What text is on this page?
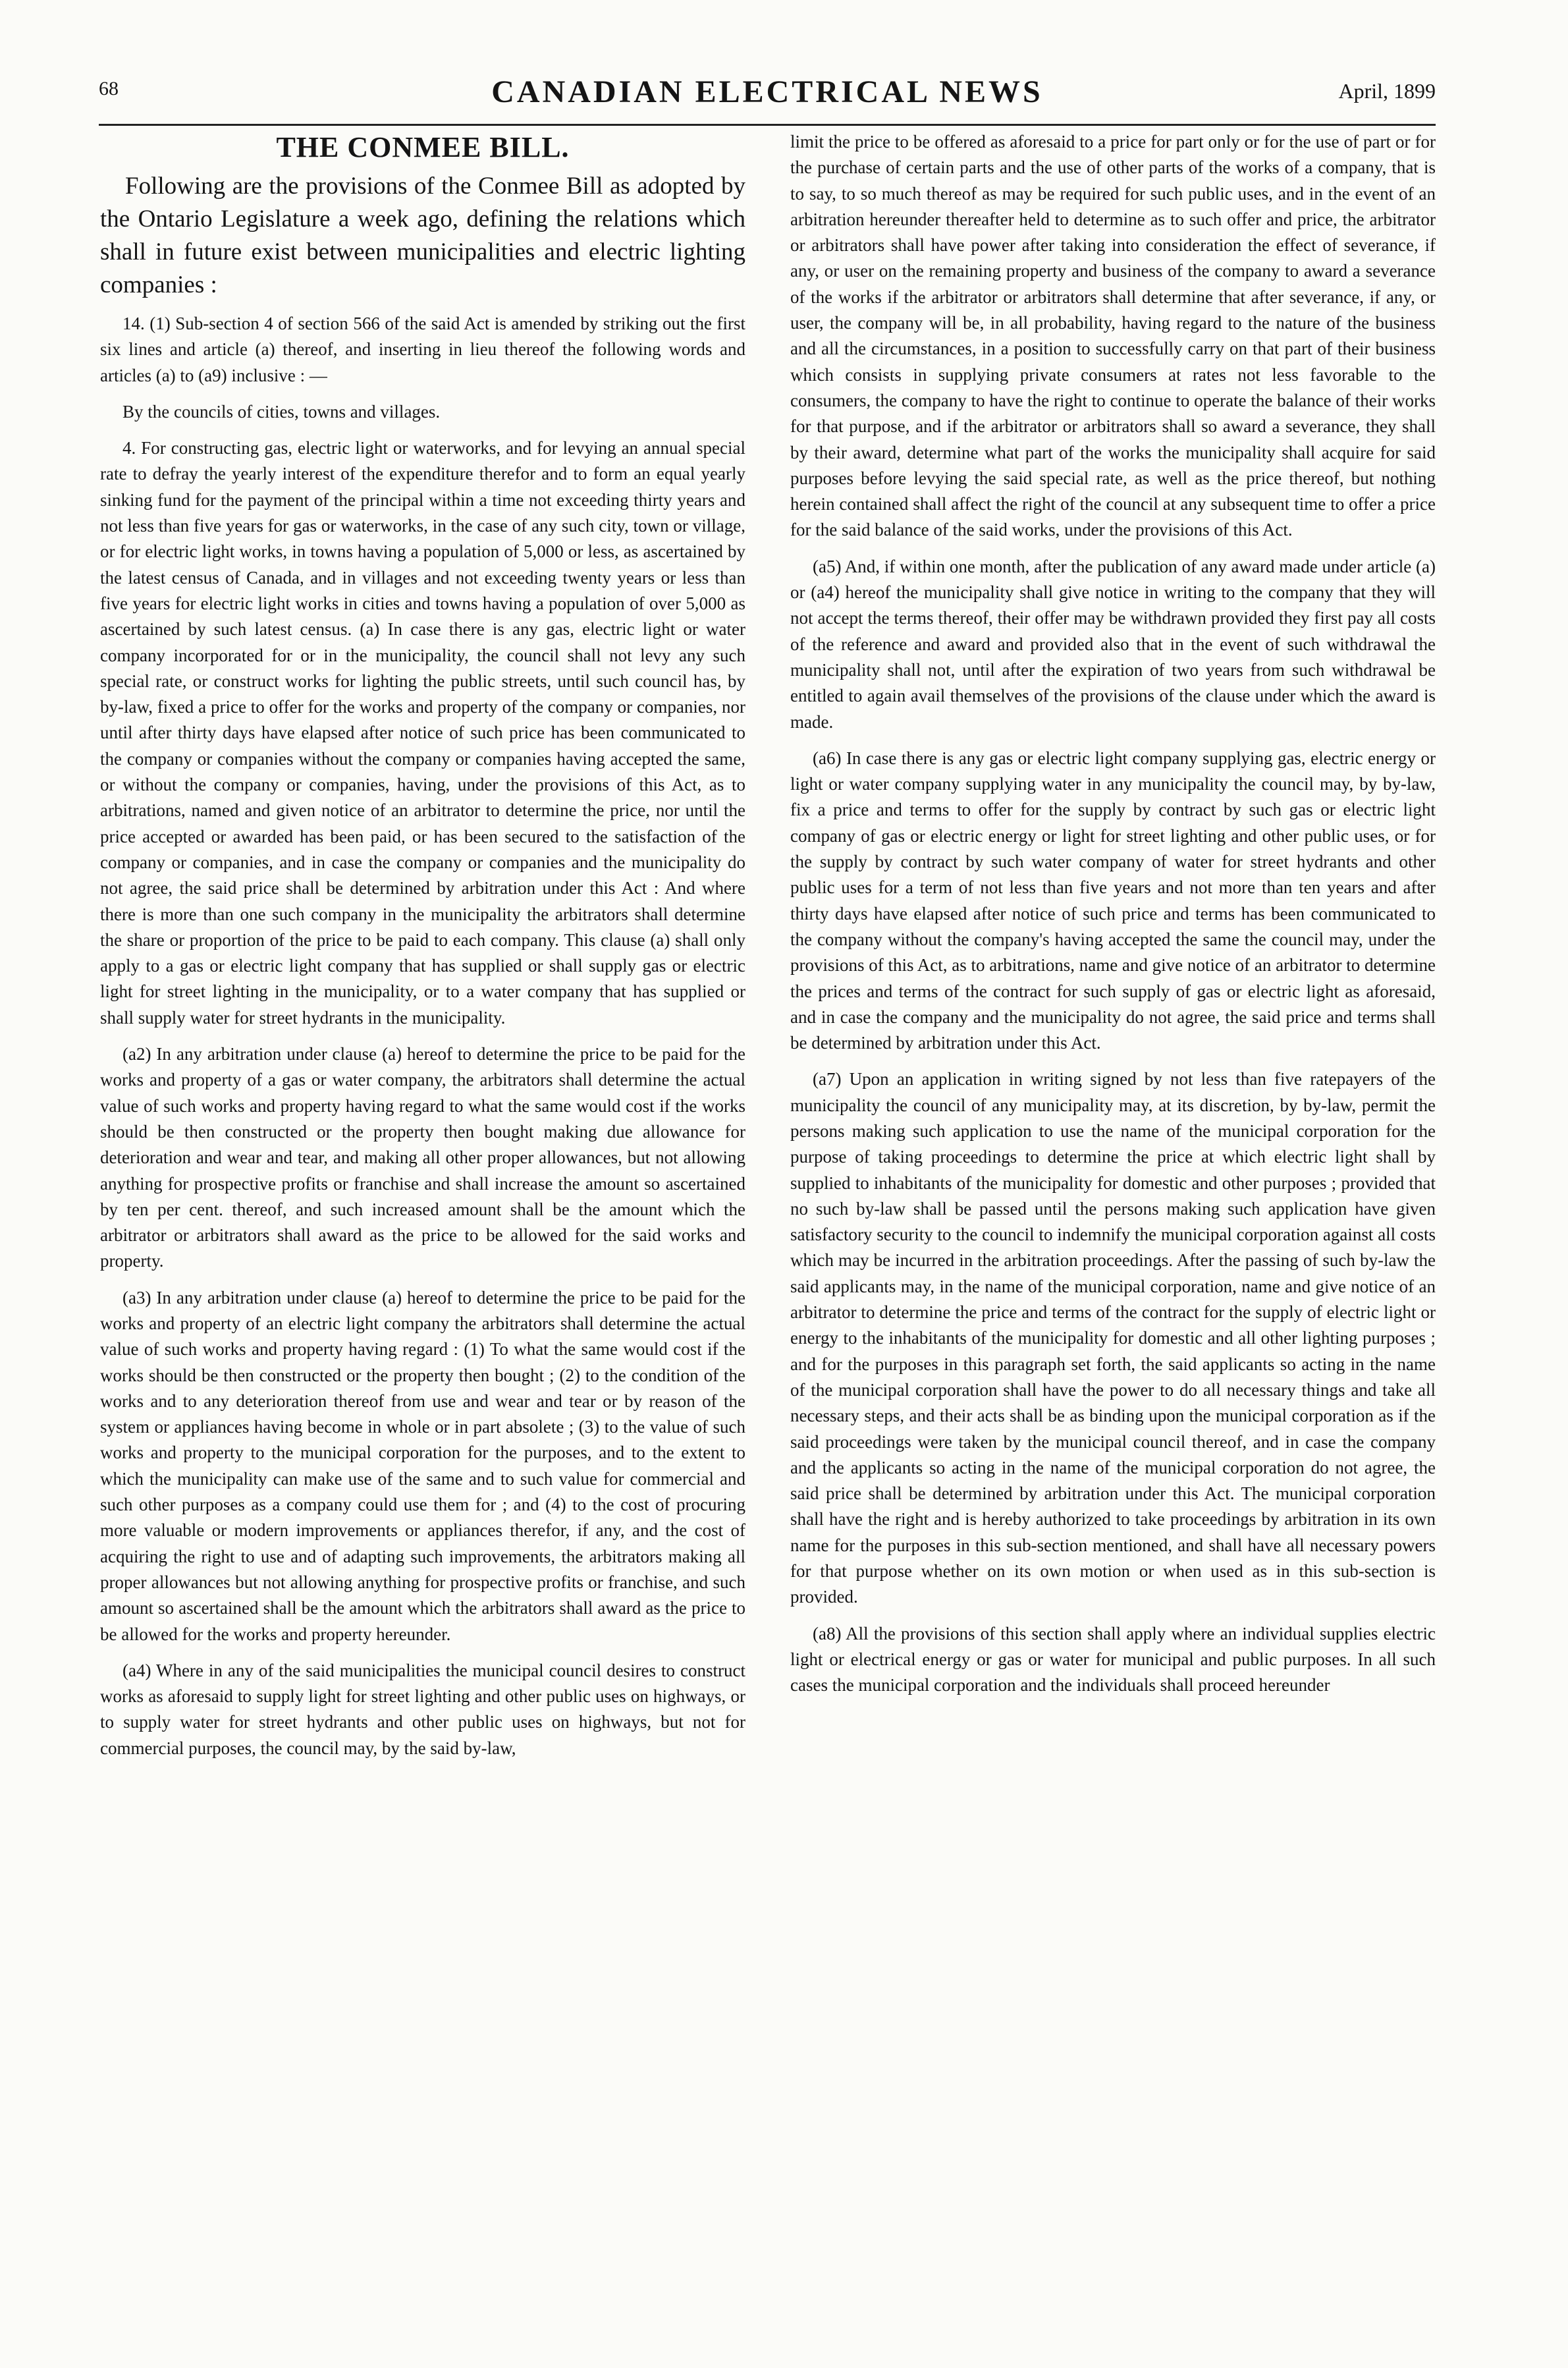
68	CANADIAN ELECTRICAL NEWS	April, 1899
THE CONMEE BILL.

Following are the provisions of the Conmee Bill as adopted by the Ontario Legislature a week ago, defining the relations which shall in future exist between municipalities and electric lighting companies :

14. (1) Sub-section 4 of section 566 of the said Act is amended by striking out the first six lines and article (a) thereof, and inserting in lieu thereof the following words and articles (a) to (a9) inclusive : —

By the councils of cities, towns and villages.

4. For constructing gas, electric light or waterworks, and for levying an annual special rate to defray the yearly interest of the expenditure therefor and to form an equal yearly sinking fund for the payment of the principal within a time not exceeding thirty years and not less than five years for gas or waterworks, in the case of any such city, town or village, or for electric light works, in towns having a population of 5,000 or less, as ascertained by the latest census of Canada, and in villages and not exceeding twenty years or less than five years for electric light works in cities and towns having a population of over 5,000 as ascertained by such latest census. (a) In case there is any gas, electric light or water company incorporated for or in the municipality, the council shall not levy any such special rate, or construct works for lighting the public streets, until such council has, by by-law, fixed a price to offer for the works and property of the company or companies, nor until after thirty days have elapsed after notice of such price has been communicated to the company or companies without the company or companies having accepted the same, or without the company or companies, having, under the provisions of this Act, as to arbitrations, named and given notice of an arbitrator to determine the price, nor until the price accepted or awarded has been paid, or has been secured to the satisfaction of the company or companies, and in case the company or companies and the municipality do not agree, the said price shall be determined by arbitration under this Act : And where there is more than one such company in the municipality the arbitrators shall determine the share or proportion of the price to be paid to each company. This clause (a) shall only apply to a gas or electric light company that has supplied or shall supply gas or electric light for street lighting in the municipality, or to a water company that has supplied or shall supply water for street hydrants in the municipality.

(a2) In any arbitration under clause (a) hereof to determine the price to be paid for the works and property of a gas or water company, the arbitrators shall determine the actual value of such works and property having regard to what the same would cost if the works should be then constructed or the property then bought making due allowance for deterioration and wear and tear, and making all other proper allowances, but not allowing anything for prospective profits or franchise and shall increase the amount so ascertained by ten per cent. thereof, and such increased amount shall be the amount which the arbitrator or arbitrators shall award as the price to be allowed for the said works and property.

(a3) In any arbitration under clause (a) hereof to determine the price to be paid for the works and property of an electric light company the arbitrators shall determine the actual value of such works and property having regard : (1) To what the same would cost if the works should be then constructed or the property then bought ; (2) to the condition of the works and to any deterioration thereof from use and wear and tear or by reason of the system or appliances having become in whole or in part absolete ; (3) to the value of such works and property to the municipal corporation for the purposes, and to the extent to which the municipality can make use of the same and to such value for commercial and such other purposes as a company could use them for ; and (4) to the cost of procuring more valuable or modern improvements or appliances therefor, if any, and the cost of acquiring the right to use and of adapting such improvements, the arbitrators making all proper allowances but not allowing anything for prospective profits or franchise, and such amount so ascertained shall be the amount which the arbitrators shall award as the price to be allowed for the works and property hereunder.

(a4) Where in any of the said municipalities the municipal council desires to construct works as aforesaid to supply light for street lighting and other public uses on highways, or to supply water for street hydrants and other public uses on highways, but not for commercial purposes, the council may, by the said by-law,

limit the price to be offered as aforesaid to a price for part only or for the use of part or for the purchase of certain parts and the use of other parts of the works of a company, that is to say, to so much thereof as may be required for such public uses, and in the event of an arbitration hereunder thereafter held to determine as to such offer and price, the arbitrator or arbitrators shall have power after taking into consideration the effect of severance, if any, or user on the remaining property and business of the company to award a severance of the works if the arbitrator or arbitrators shall determine that after severance, if any, or user, the company will be, in all probability, having regard to the nature of the business and all the circumstances, in a position to successfully carry on that part of their business which consists in supplying private consumers at rates not less favorable to the consumers, the company to have the right to continue to operate the balance of their works for that purpose, and if the arbitrator or arbitrators shall so award a severance, they shall by their award, determine what part of the works the municipality shall acquire for said purposes before levying the said special rate, as well as the price thereof, but nothing herein contained shall affect the right of the council at any subsequent time to offer a price for the said balance of the said works, under the provisions of this Act.

(a5) And, if within one month, after the publication of any award made under article (a) or (a4) hereof the municipality shall give notice in writing to the company that they will not accept the terms thereof, their offer may be withdrawn provided they first pay all costs of the reference and award and provided also that in the event of such withdrawal the municipality shall not, until after the expiration of two years from such withdrawal be entitled to again avail themselves of the provisions of the clause under which the award is made.

(a6) In case there is any gas or electric light company supplying gas, electric energy or light or water company supplying water in any municipality the council may, by by-law, fix a price and terms to offer for the supply by contract by such gas or electric light company of gas or electric energy or light for street lighting and other public uses, or for the supply by contract by such water company of water for street hydrants and other public uses for a term of not less than five years and not more than ten years and after thirty days have elapsed after notice of such price and terms has been communicated to the company without the company's having accepted the same the council may, under the provisions of this Act, as to arbitrations, name and give notice of an arbitrator to determine the prices and terms of the contract for such supply of gas or electric light as aforesaid, and in case the company and the municipality do not agree, the said price and terms shall be determined by arbitration under this Act.

(a7) Upon an application in writing signed by not less than five ratepayers of the municipality the council of any municipality may, at its discretion, by by-law, permit the persons making such application to use the name of the municipal corporation for the purpose of taking proceedings to determine the price at which electric light shall by supplied to inhabitants of the municipality for domestic and other purposes ; provided that no such by-law shall be passed until the persons making such application have given satisfactory security to the council to indemnify the municipal corporation against all costs which may be incurred in the arbitration proceedings. After the passing of such by-law the said applicants may, in the name of the municipal corporation, name and give notice of an arbitrator to determine the price and terms of the contract for the supply of electric light or energy to the inhabitants of the municipality for domestic and all other lighting purposes ; and for the purposes in this paragraph set forth, the said applicants so acting in the name of the municipal corporation shall have the power to do all necessary things and take all necessary steps, and their acts shall be as binding upon the municipal corporation as if the said proceedings were taken by the municipal council thereof, and in case the company and the applicants so acting in the name of the municipal corporation do not agree, the said price shall be determined by arbitration under this Act. The municipal corporation shall have the right and is hereby authorized to take proceedings by arbitration in its own name for the purposes in this sub-section mentioned, and shall have all necessary powers for that purpose whether on its own motion or when used as in this sub-section is provided.

(a8) All the provisions of this section shall apply where an individual supplies electric light or electrical energy or gas or water for municipal and public purposes. In all such cases the municipal corporation and the individuals shall proceed hereunder
